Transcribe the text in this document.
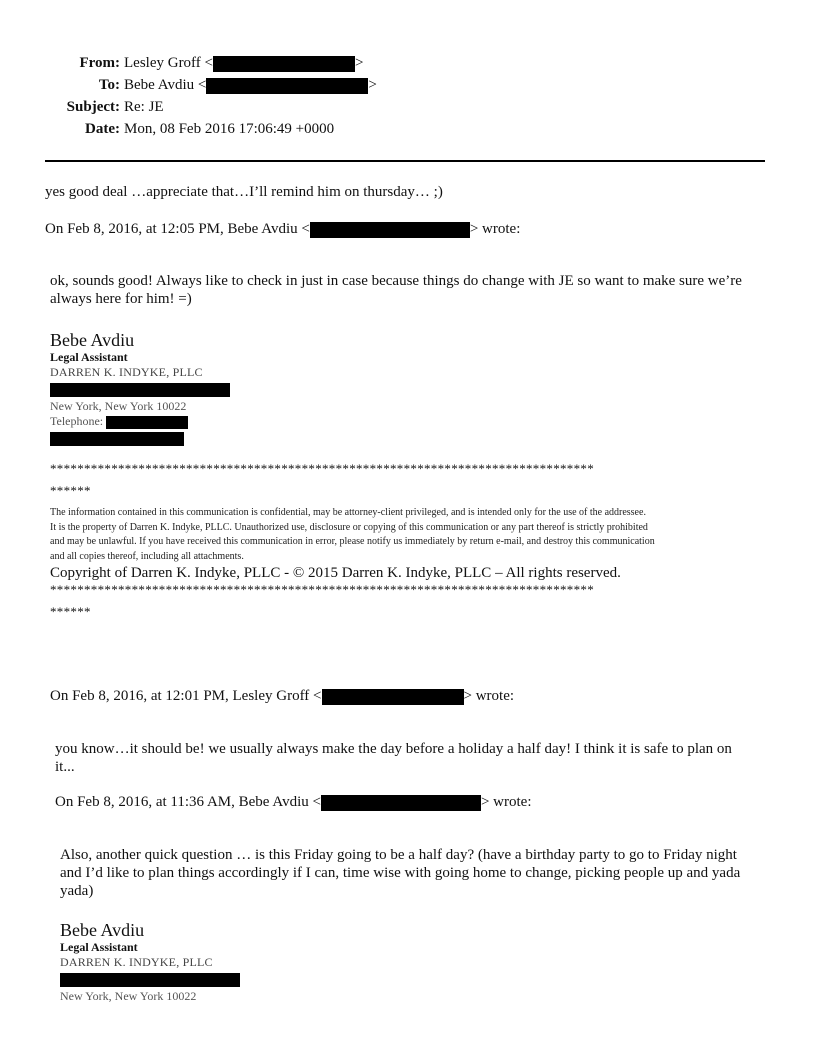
From: Lesley Groff <	>
To: Bebe Avdiu <	>
Subject: Re: JE
Date: Mon, 08 Feb 2016 17:06:49 +0000
yes good deal …appreciate that…I’ll remind him on thursday… ;)
On Feb 8, 2016, at 12:05 PM, Bebe Avdiu <	> wrote:
ok, sounds good! Always like to check in just in case because things do change with JE so want to make sure we’re always here for him! =)
Bebe Avdiu
Legal Assistant
DARREN K. INDYKE, PLLC
New York, New York 10022
Telephone:
********************************************************************************
******
The information contained in this communication is confidential, may be attorney-client privileged, and is intended only for the use of the addressee.
It is the property of Darren K. Indyke, PLLC. Unauthorized use, disclosure or copying of this communication or any part thereof is strictly prohibited
and may be unlawful. If you have received this communication in error, please notify us immediately by return e-mail, and destroy this communication
and all copies thereof, including all attachments.
Copyright of Darren K. Indyke, PLLC - © 2015 Darren K. Indyke, PLLC – All rights reserved.
********************************************************************************
******
On Feb 8, 2016, at 12:01 PM, Lesley Groff <	> wrote:
you know…it should be! we usually always make the day before a holiday a half day! I think it is safe to plan on it...
On Feb 8, 2016, at 11:36 AM, Bebe Avdiu <	> wrote:
Also, another quick question … is this Friday going to be a half day? (have a birthday party to go to Friday night and I’d like to plan things accordingly if I can, time wise with going home to change, picking people up and yada yada)
Bebe Avdiu
Legal Assistant
DARREN K. INDYKE, PLLC
New York, New York 10022
